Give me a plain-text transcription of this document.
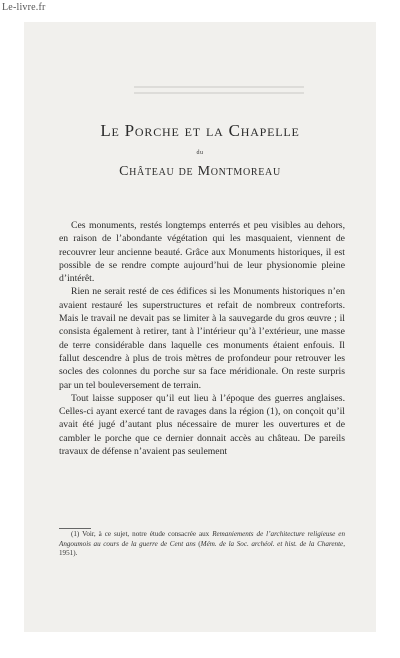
Le-livre.fr
Le Porche et la Chapelle
du
Château de Montmoreau

Ces monuments, restés longtemps enterrés et peu visibles au dehors, en raison de l’abondante végétation qui les masquaient, viennent de recouvrer leur ancienne beauté. Grâce aux Monuments historiques, il est possible de se rendre compte aujourd’hui de leur physionomie pleine d’intérêt.

Rien ne serait resté de ces édifices si les Monuments historiques n’en avaient restauré les superstructures et refait de nombreux contreforts. Mais le travail ne devait pas se limiter à la sauvegarde du gros œuvre ; il consista également à retirer, tant à l’intérieur qu’à l’extérieur, une masse de terre considérable dans laquelle ces monuments étaient enfouis. Il fallut descendre à plus de trois mètres de profondeur pour retrouver les socles des colonnes du porche sur sa face méridionale. On reste surpris par un tel bouleversement de terrain.

Tout laisse supposer qu’il eut lieu à l’époque des guerres anglaises. Celles-ci ayant exercé tant de ravages dans la région (1), on conçoit qu’il avait été jugé d’autant plus nécessaire de murer les ouvertures et de cambler le porche que ce dernier donnait accès au château. De pareils travaux de défense n’avaient pas seulement

(1) Voir, à ce sujet, notre étude consacrée aux Remaniements de l’architecture religieuse en Angoumois au cours de la guerre de Cent ans (Mém. de la Soc. archéol. et hist. de la Charente, 1951).
